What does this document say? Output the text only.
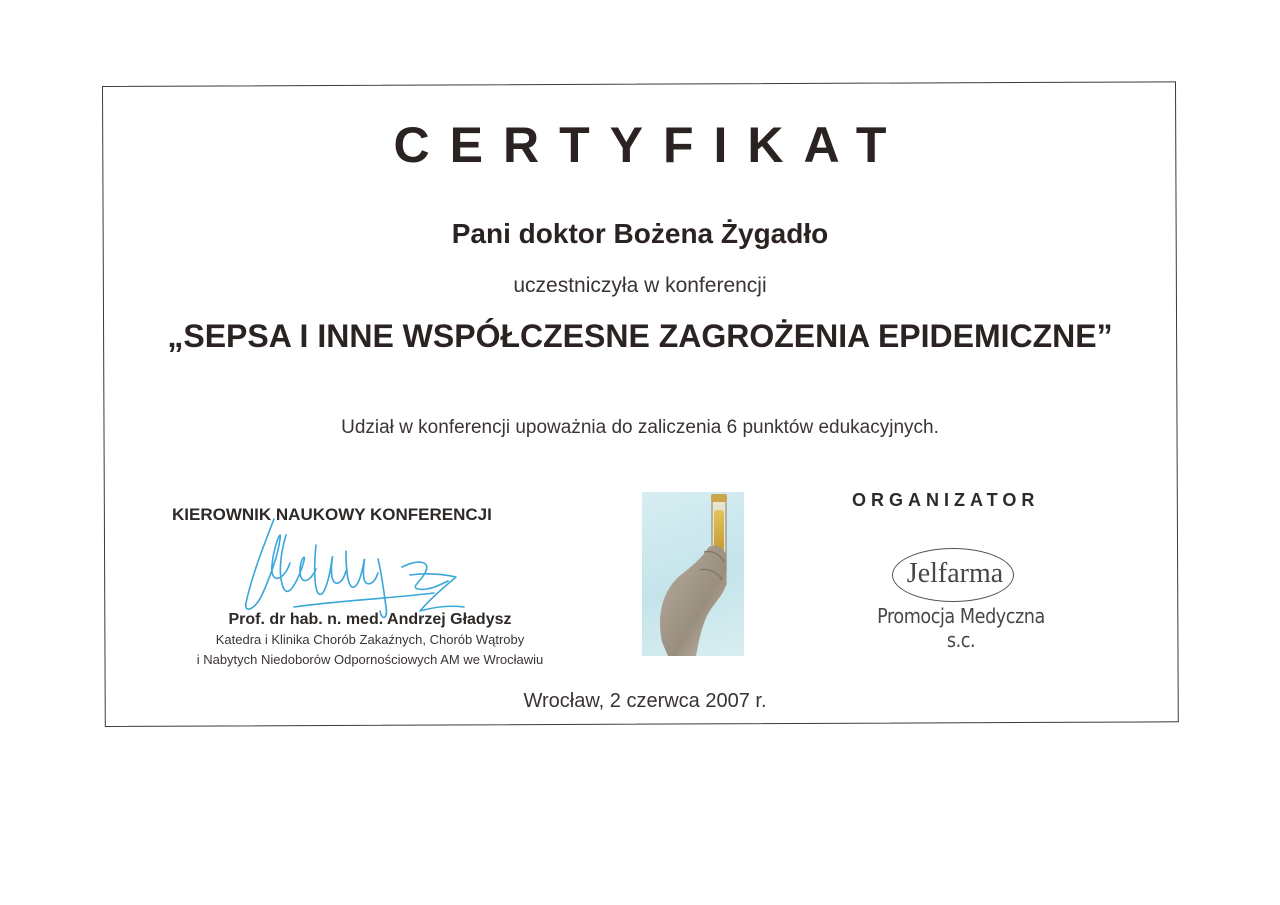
CERTYFIKAT
Pani doktor Bożena Żygadło
uczestniczyła w konferencji
„SEPSA I INNE WSPÓŁCZESNE ZAGROŻENIA EPIDEMICZNE”
Udział w konferencji upoważnia do zaliczenia 6 punktów edukacyjnych.
KIEROWNIK NAUKOWY KONFERENCJI
Prof. dr hab. n. med. Andrzej Gładysz
Katedra i Klinika Chorób Zakaźnych, Chorób Wątroby
i Nabytych Niedoborów Odpornościowych AM we Wrocławiu
ORGANIZATOR
Jelfarma
Promocja Medyczna s.c.
Wrocław, 2 czerwca 2007 r.
